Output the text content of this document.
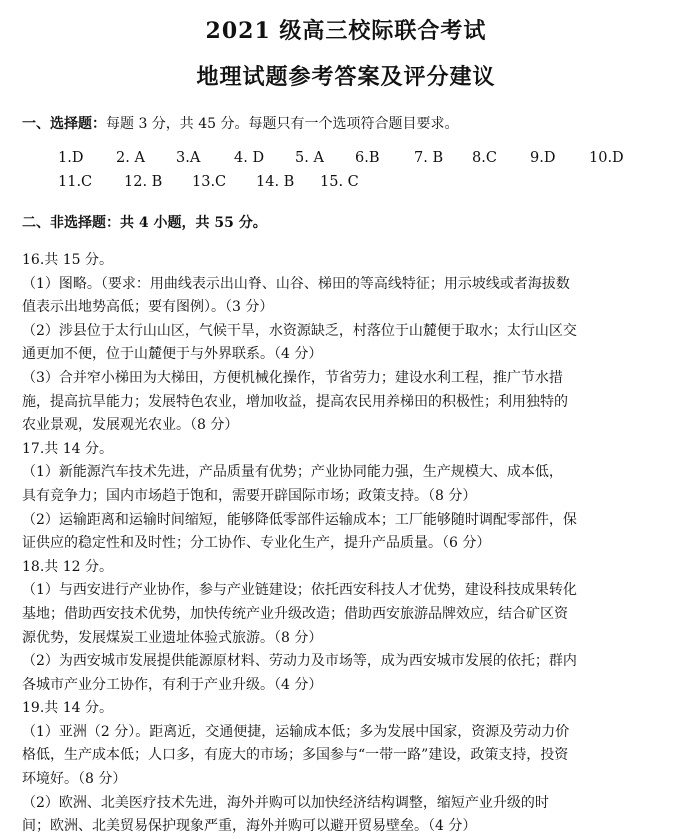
2021 级高三校际联合考试
地理试题参考答案及评分建议
一、选择题：每题 3 分，共 45 分。每题只有一个选项符合题目要求。
1.D 2. A 3.A 4. D 5. A 6.B 7. B 8.C 9.D 10.D
11.C 12. B 13.C 14. B 15. C
二、非选择题：共 4 小题，共 55 分。
16.共 15 分。
（1）图略。（要求：用曲线表示出山脊、山谷、梯田的等高线特征；用示坡线或者海拔数
值表示出地势高低；要有图例）。（3 分）
（2）涉县位于太行山山区，气候干旱，水资源缺乏，村落位于山麓便于取水；太行山区交
通更加不便，位于山麓便于与外界联系。（4 分）
（3）合并窄小梯田为大梯田，方便机械化操作，节省劳力；建设水利工程，推广节水措
施，提高抗旱能力；发展特色农业，增加收益，提高农民用养梯田的积极性；利用独特的
农业景观，发展观光农业。（8 分）
17.共 14 分。
（1）新能源汽车技术先进，产品质量有优势；产业协同能力强，生产规模大、成本低，
具有竞争力；国内市场趋于饱和，需要开辟国际市场；政策支持。（8 分）
（2）运输距离和运输时间缩短，能够降低零部件运输成本；工厂能够随时调配零部件，保
证供应的稳定性和及时性；分工协作、专业化生产，提升产品质量。（6 分）
18.共 12 分。
（1）与西安进行产业协作，参与产业链建设；依托西安科技人才优势，建设科技成果转化
基地；借助西安技术优势，加快传统产业升级改造；借助西安旅游品牌效应，结合矿区资
源优势，发展煤炭工业遗址体验式旅游。（8 分）
（2）为西安城市发展提供能源原材料、劳动力及市场等，成为西安城市发展的依托；群内
各城市产业分工协作，有利于产业升级。（4 分）
19.共 14 分。
（1）亚洲（2 分）。距离近，交通便捷，运输成本低；多为发展中国家，资源及劳动力价
格低，生产成本低；人口多，有庞大的市场；多国参与“一带一路”建设，政策支持，投资
环境好。（8 分）
（2）欧洲、北美医疗技术先进，海外并购可以加快经济结构调整，缩短产业升级的时
间；欧洲、北美贸易保护现象严重，海外并购可以避开贸易壁垒。（4 分）
